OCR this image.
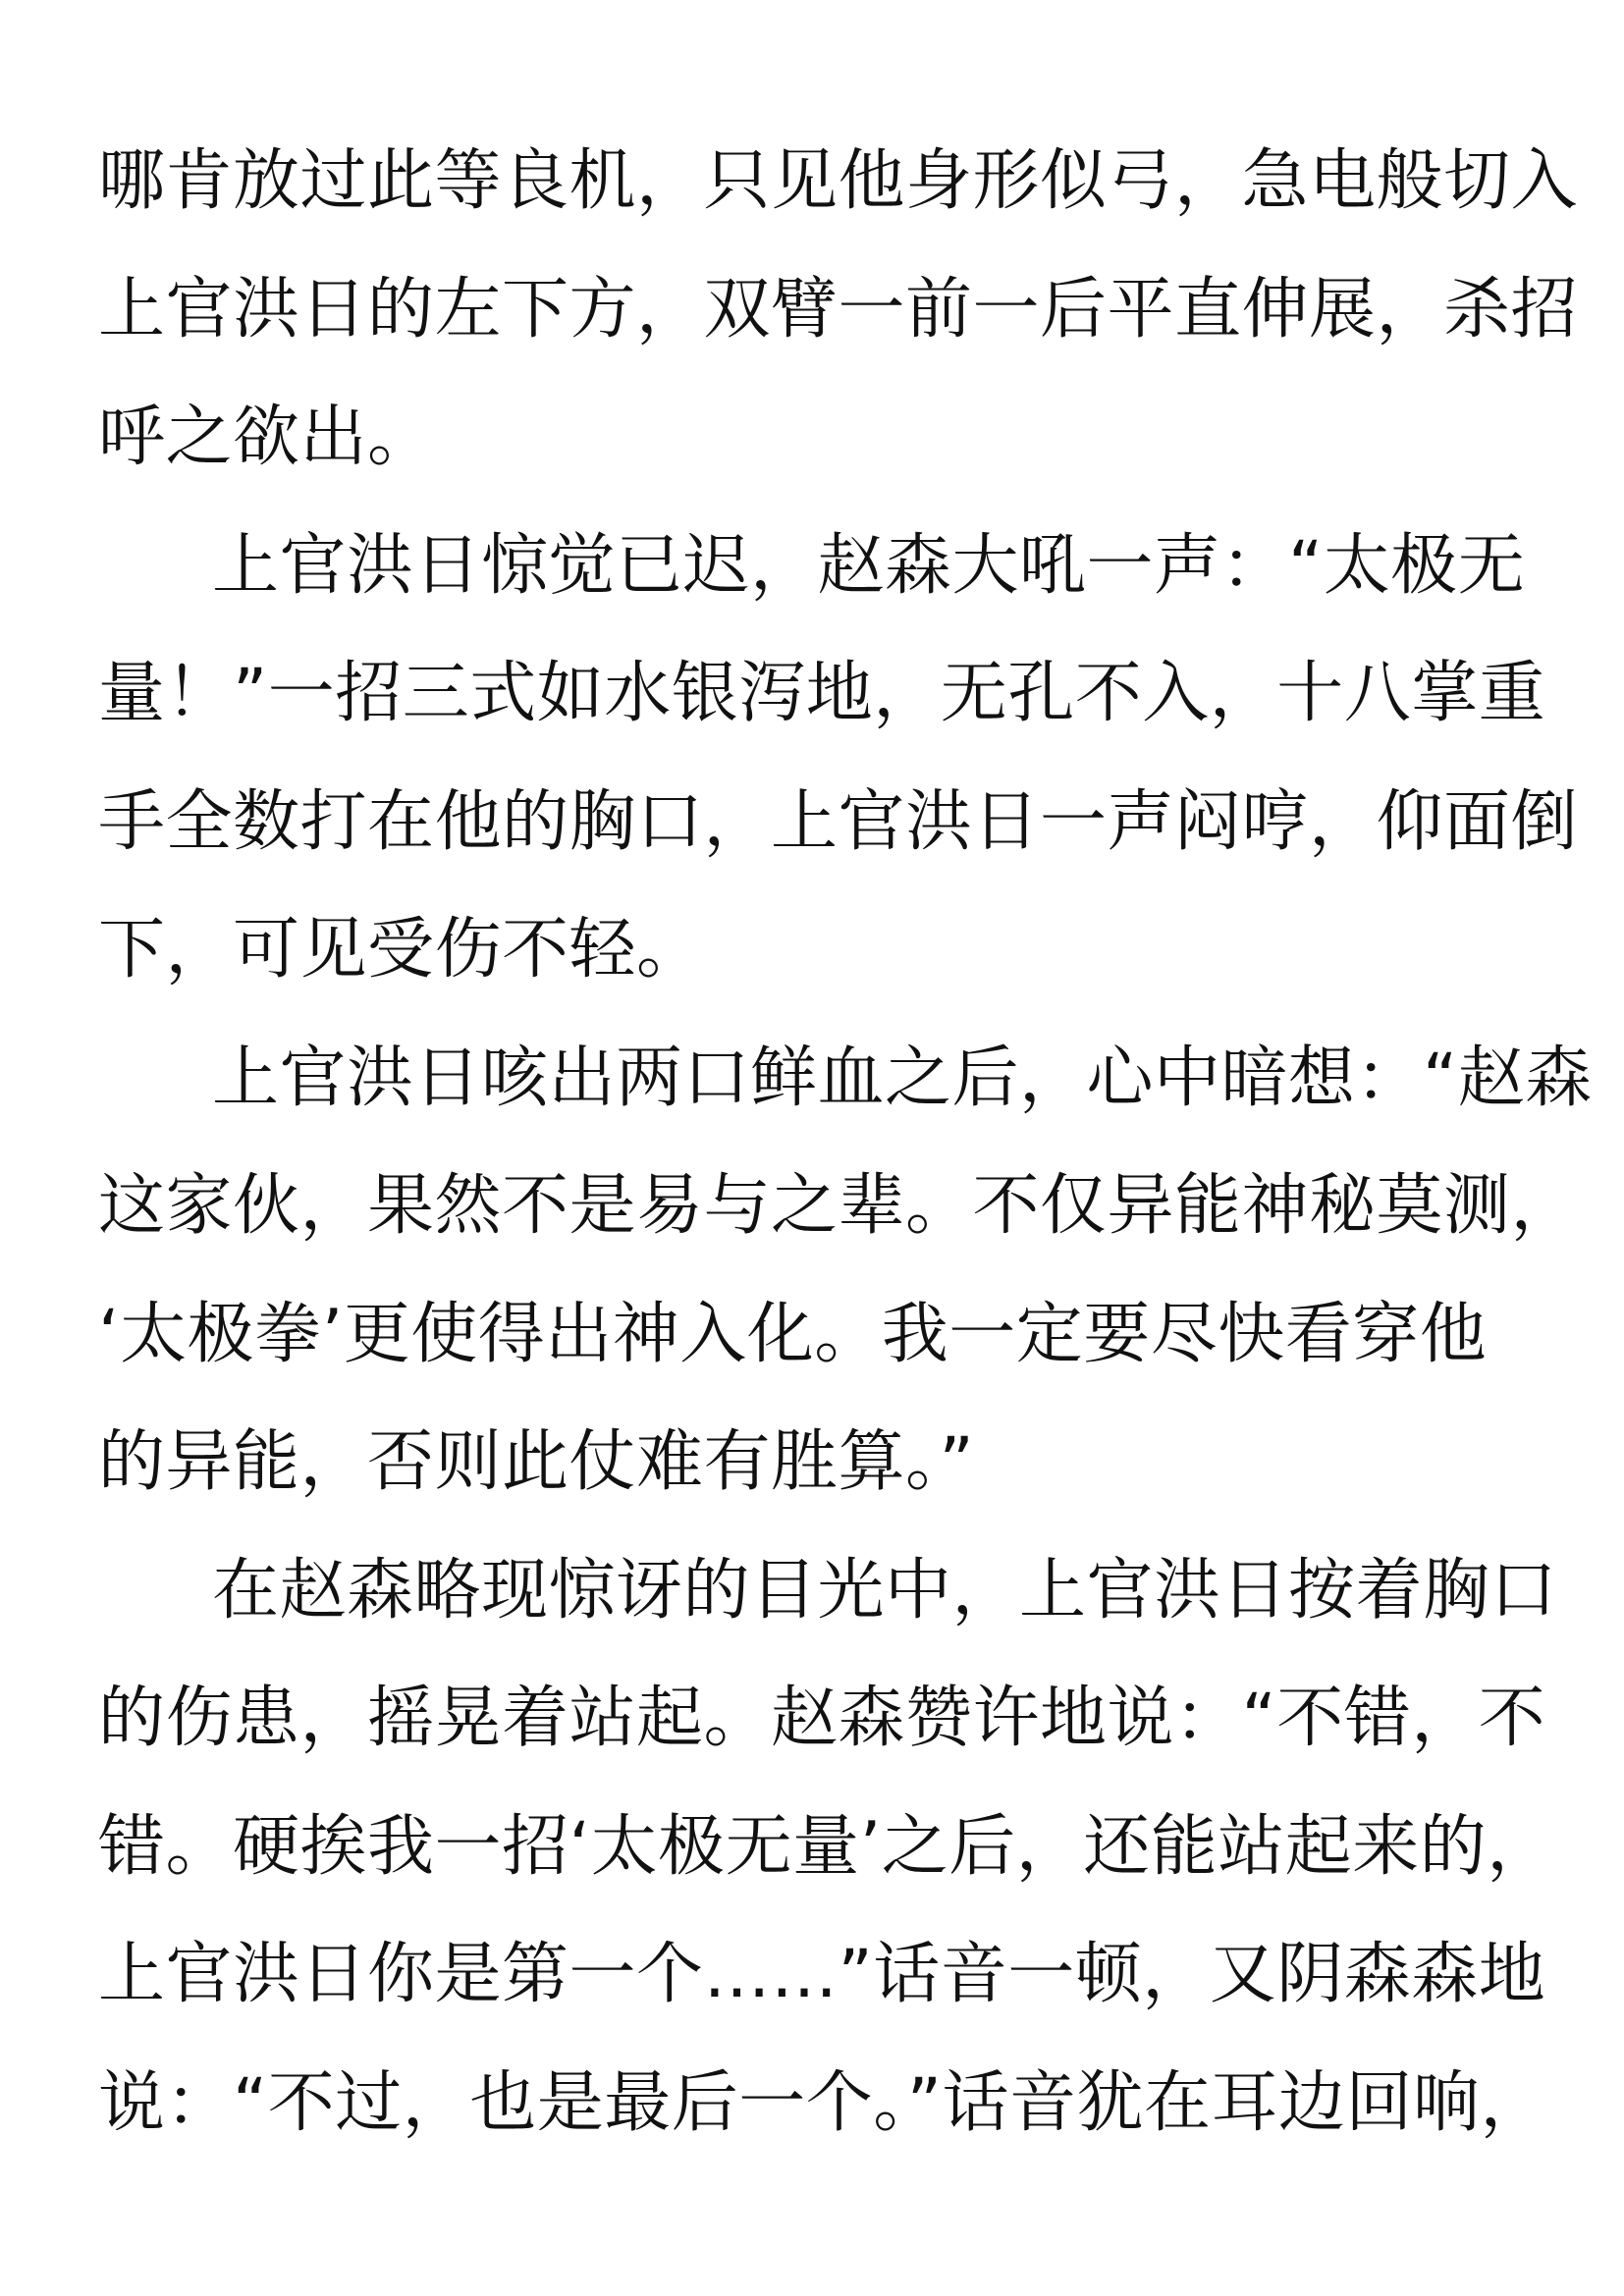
哪肯放过此等良机，只见他身形似弓，急电般切入
上官洪日的左下方，双臂一前一后平直伸展，杀招
呼之欲出。
上官洪日惊觉已迟，赵森大吼一声：“太极无
量！”一招三式如水银泻地，无孔不入，十八掌重
手全数打在他的胸口，上官洪日一声闷哼，仰面倒
下，可见受伤不轻。
上官洪日咳出两口鲜血之后，心中暗想：“赵森
这家伙，果然不是易与之辈。不仅异能神秘莫测，
‘太极拳’更使得出神入化。我一定要尽快看穿他
的异能，否则此仗难有胜算。”
在赵森略现惊讶的目光中，上官洪日按着胸口
的伤患，摇晃着站起。赵森赞许地说：“不错，不
错。硬挨我一招‘太极无量’之后，还能站起来的，
上官洪日你是第一个……”话音一顿，又阴森森地
说：“不过，也是最后一个。”话音犹在耳边回响，
